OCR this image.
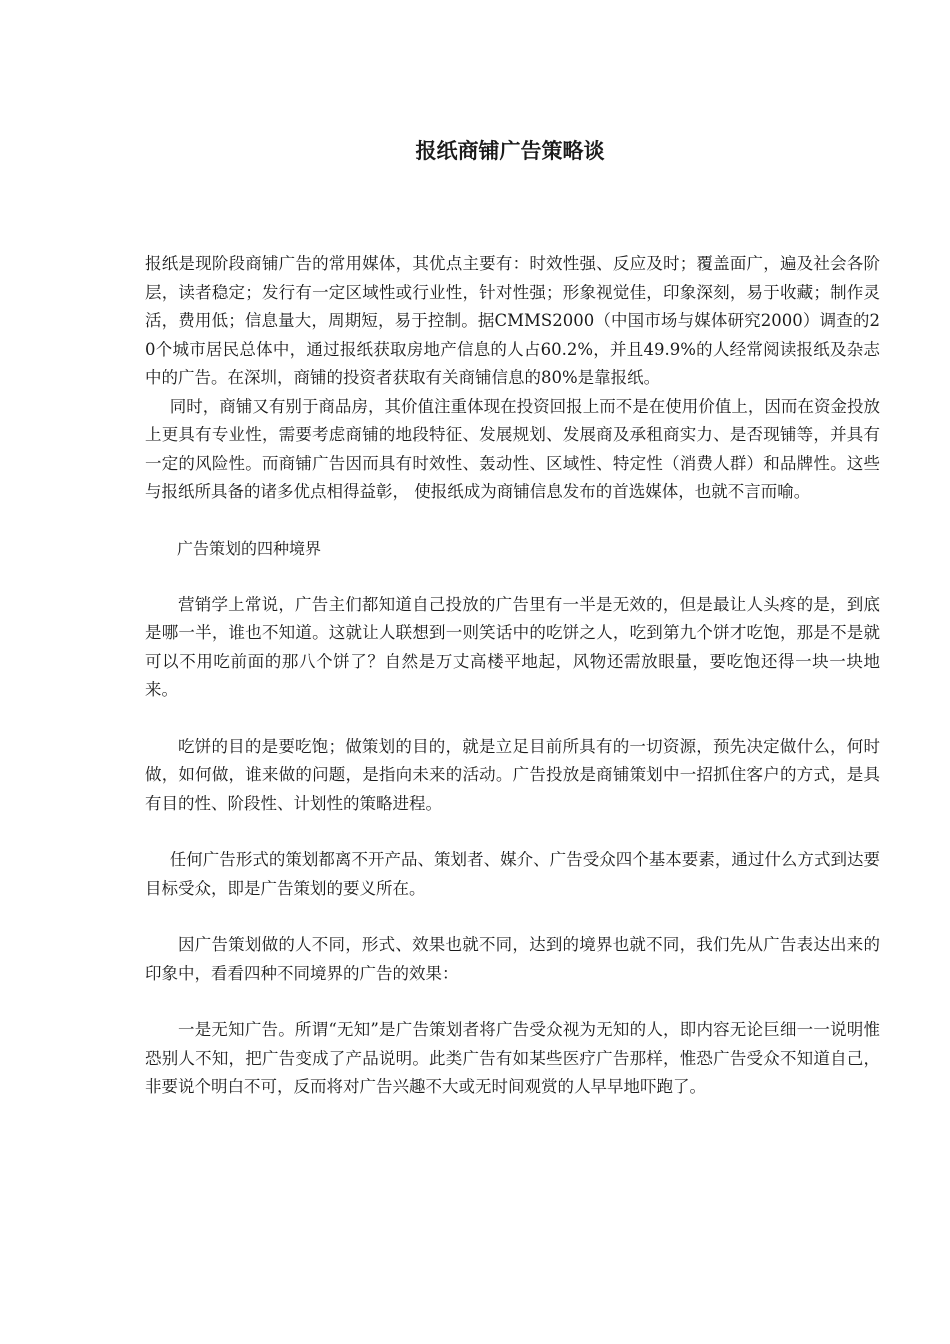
报纸商铺广告策略谈

报纸是现阶段商铺广告的常用媒体，其优点主要有：时效性强、反应及时；覆盖面广，遍及社会各阶层，读者稳定；发行有一定区域性或行业性，针对性强；形象视觉佳，印象深刻，易于收藏；制作灵活，费用低；信息量大，周期短，易于控制。据CMMS2000（中国市场与媒体研究2000）调查的20个城市居民总体中，通过报纸获取房地产信息的人占60.2%，并且49.9%的人经常阅读报纸及杂志中的广告。在深圳，商铺的投资者获取有关商铺信息的80%是靠报纸。

同时，商铺又有别于商品房，其价值注重体现在投资回报上而不是在使用价值上，因而在资金投放上更具有专业性，需要考虑商铺的地段特征、发展规划、发展商及承租商实力、是否现铺等，并具有一定的风险性。而商铺广告因而具有时效性、轰动性、区域性、特定性（消费人群）和品牌性。这些与报纸所具备的诸多优点相得益彰， 使报纸成为商铺信息发布的首选媒体，也就不言而喻。

广告策划的四种境界

营销学上常说，广告主们都知道自己投放的广告里有一半是无效的，但是最让人头疼的是，到底是哪一半，谁也不知道。这就让人联想到一则笑话中的吃饼之人，吃到第九个饼才吃饱，那是不是就可以不用吃前面的那八个饼了？自然是万丈高楼平地起，风物还需放眼量，要吃饱还得一块一块地来。

吃饼的目的是要吃饱；做策划的目的，就是立足目前所具有的一切资源，预先决定做什么，何时做，如何做，谁来做的问题，是指向未来的活动。广告投放是商铺策划中一招抓住客户的方式，是具有目的性、阶段性、计划性的策略进程。

任何广告形式的策划都离不开产品、策划者、媒介、广告受众四个基本要素，通过什么方式到达要目标受众，即是广告策划的要义所在。

因广告策划做的人不同，形式、效果也就不同，达到的境界也就不同，我们先从广告表达出来的印象中，看看四种不同境界的广告的效果：

一是无知广告。所谓“无知”是广告策划者将广告受众视为无知的人，即内容无论巨细一一说明惟恐别人不知，把广告变成了产品说明。此类广告有如某些医疗广告那样，惟恐广告受众不知道自己，非要说个明白不可，反而将对广告兴趣不大或无时间观赏的人早早地吓跑了。
